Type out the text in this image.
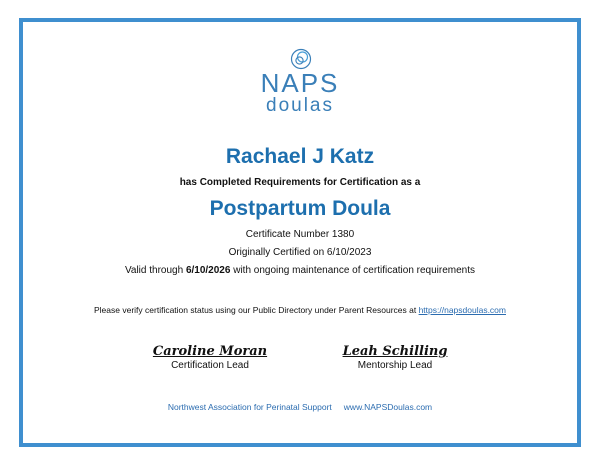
NAPS
doulas
Rachael J Katz
has Completed Requirements for Certification as a
Postpartum Doula
Certificate Number 1380
Originally Certified on 6/10/2023
Valid through 6/10/2026 with ongoing maintenance of certification requirements
Please verify certification status using our Public Directory under Parent Resources at https://napsdoulas.com
Caroline Moran
Certification Lead
Leah Schilling
Mentorship Lead
Northwest Association for Perinatal Support www.NAPSDoulas.com
